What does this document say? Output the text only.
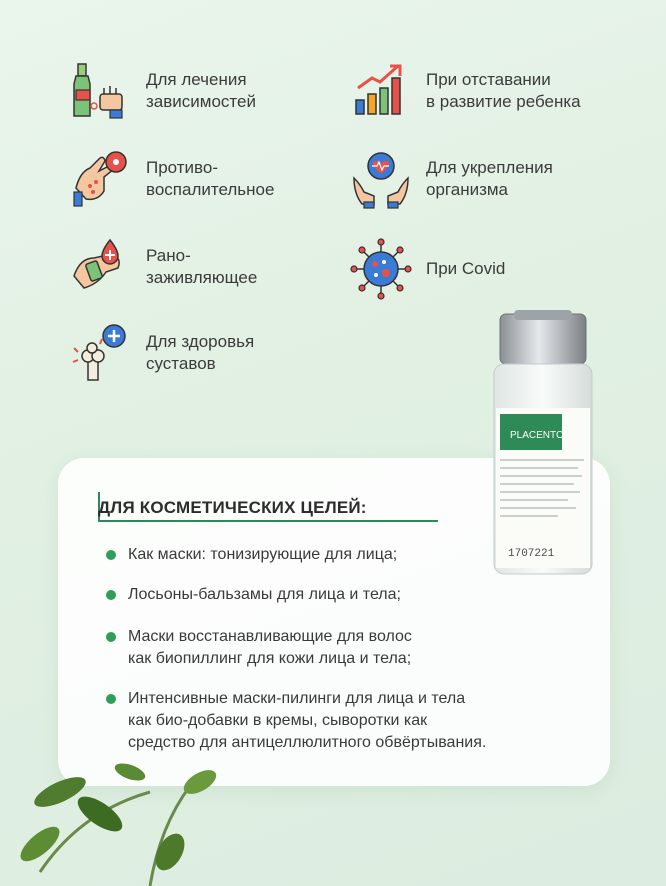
Для лечения
зависимостей
При отставании
в развитие ребенка
Противо-
воспалительное
Для укрепления
организма
Рано-
заживляющее	При Covid
Для здоровья
суставов
ДЛЯ КОСМЕТИЧЕСКИХ ЦЕЛЕЙ:
Как маски: тонизирующие для лица;
Лосьоны-бальзамы для лица и тела;
Маски восстанавливающие для волос
как биопиллинг для кожи лица и тела;
Интенсивные маски-пилинги для лица и тела
как био-добавки в кремы, сыворотки как
средство для антицеллюлитного обвёртывания.
PLACENTOL
1707221
